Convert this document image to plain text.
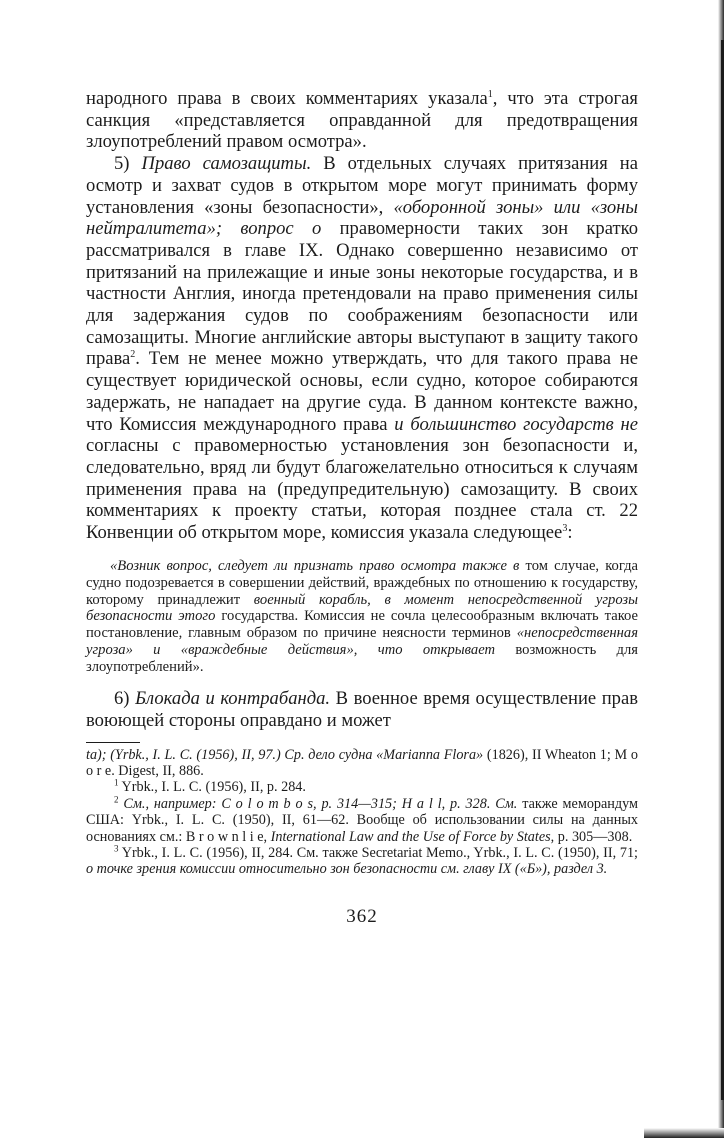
народного права в своих комментариях указала$^1$, что эта строгая санкция «представляется оправданной для предотвращения злоупотреблений правом осмотра».

5) Право самозащиты. В отдельных случаях притязания на осмотр и захват судов в открытом море могут принимать форму установления «зоны безопасности», «оборонной зоны» или «зоны нейтралитета»; вопрос о правомерности таких зон кратко рассматривался в главе IX. Однако совершенно независимо от притязаний на прилежащие и иные зоны некоторые государства, и в частности Англия, иногда претендовали на право применения силы для задержания судов по соображениям безопасности или самозащиты. Многие английские авторы выступают в защиту такого права$^2$. Тем не менее можно утверждать, что для такого права не существует юридической основы, если судно, которое собираются задержать, не нападает на другие суда. В данном контексте важно, что Комиссия международного права и большинство государств не согласны с правомерностью установления зон безопасности и, следовательно, вряд ли будут благожелательно относиться к случаям применения права на (предупредительную) самозащиту. В своих комментариях к проекту статьи, которая позднее стала ст. 22 Конвенции об открытом море, комиссия указала следующее$^3$:

«Возник вопрос, следует ли признать право осмотра также в том случае, когда судно подозревается в совершении действий, враждебных по отношению к государству, которому принадлежит военный корабль, в момент непосредственной угрозы безопасности этого государства. Комиссия не сочла целесообразным включать такое постановление, главным образом по причине неясности терминов «непосредственная угроза» и «враждебные действия», что открывает возможность для злоупотреблений».

6) Блокада и контрабанда. В военное время осуществление прав воюющей стороны оправдано и может

ta); (Yrbk., I. L. C. (1956), II, 97.) Ср. дело судна «Marianna Flora» (1826), II Wheaton 1; M o o r e. Digest, II, 886.

$^1$ Yrbk., I. L. C. (1956), II, p. 284.

$^2$ См., например: C o l o m b o s, p. 314—315; H a l l, p. 328. См. также меморандум США: Yrbk., I. L. C. (1950), II, 61—62. Вообще об использовании силы на данных основаниях см.: B r o w n l i e, International Law and the Use of Force by States, p. 305—308.

$^3$ Yrbk., I. L. C. (1956), II, 284. См. также Secretariat Memo., Yrbk., I. L. C. (1950), II, 71; о точке зрения комиссии относительно зон безопасности см. главу IX («Б»), раздел 3.

362
